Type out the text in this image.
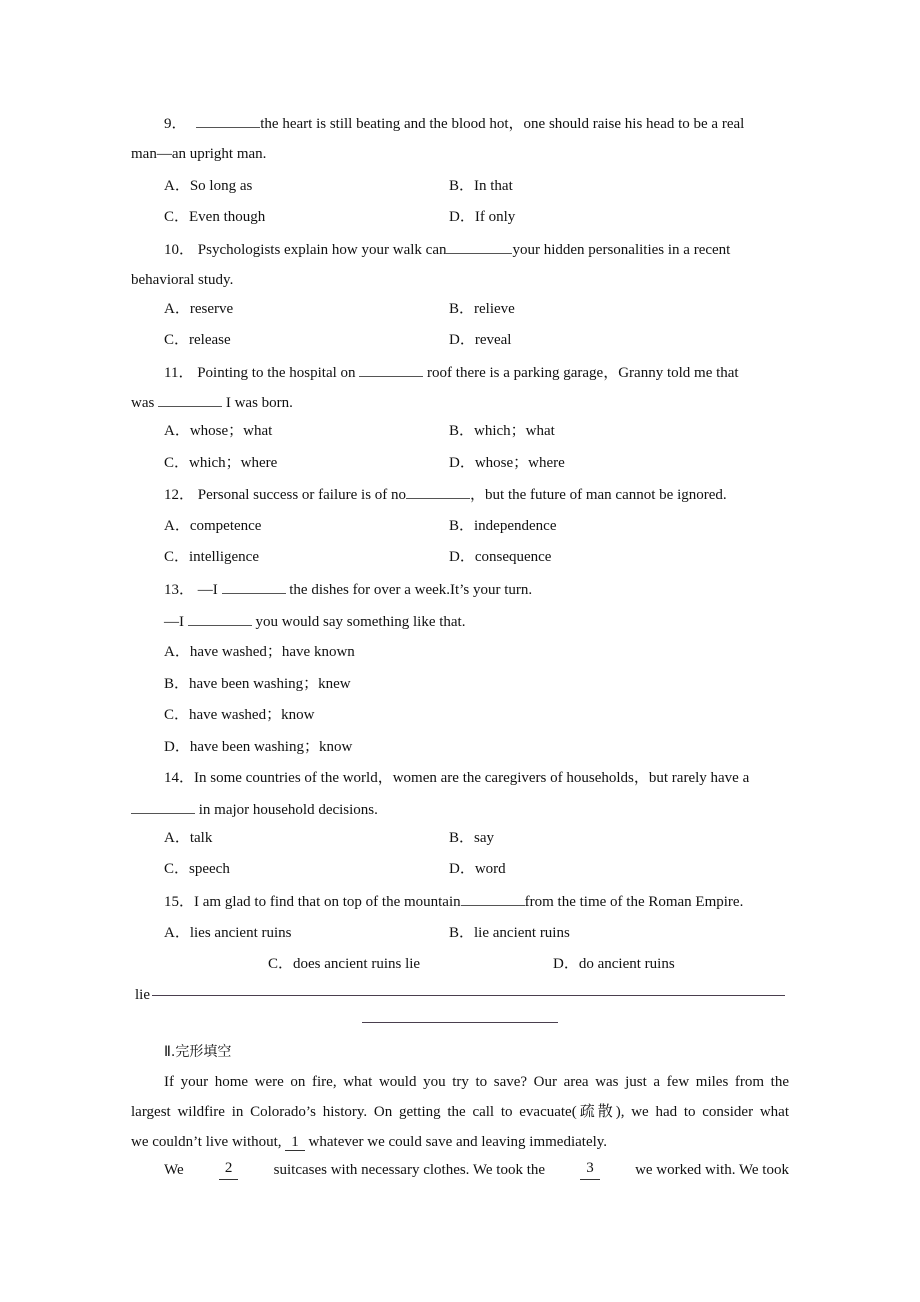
9．	the heart is still beating and the blood hot，one should raise his head to be a real
man—an upright man.
A．So long as	B．In that
C．Even though	D．If only
10． Psychologists explain how your walk can	your hidden personalities in a recent
behavioral study.
A．reserve	B．relieve
C．release	D．reveal
11． Pointing to the hospital on	roof there is a parking garage，Granny told me that
was	I was born.
A．whose；what	B．which；what
C．which；where	D．whose；where
12． Personal success or failure is of no	，but the future of man cannot be ignored.
A．competence	B．independence
C．intelligence	D．consequence
13． —I	the dishes for over a week.It’s your turn.
—I	you would say something like that.
A．have washed；have known
B．have been washing；knew
C．have washed；know
D．have been washing；know
14．In some countries of the world，women are the caregivers of households，but rarely have a
in major household decisions.
A．talk	B．say
C．speech	D．word
15．I am glad to find that on top of the mountain	from the time of the Roman Empire.
A．lies ancient ruins	B．lie ancient ruins
C．does ancient ruins lie	D．do ancient ruins
lie
Ⅱ.完形填空
If your home were on fire, what would you try to save? Our area was just a few miles from the
largest wildfire in Colorado’s history. On getting the call to evacuate(疏散), we had to consider what
we couldn’t live without, 1 whatever we could save and leaving immediately.
We	2	suitcases with necessary clothes. We took the	3	we worked with. We took
